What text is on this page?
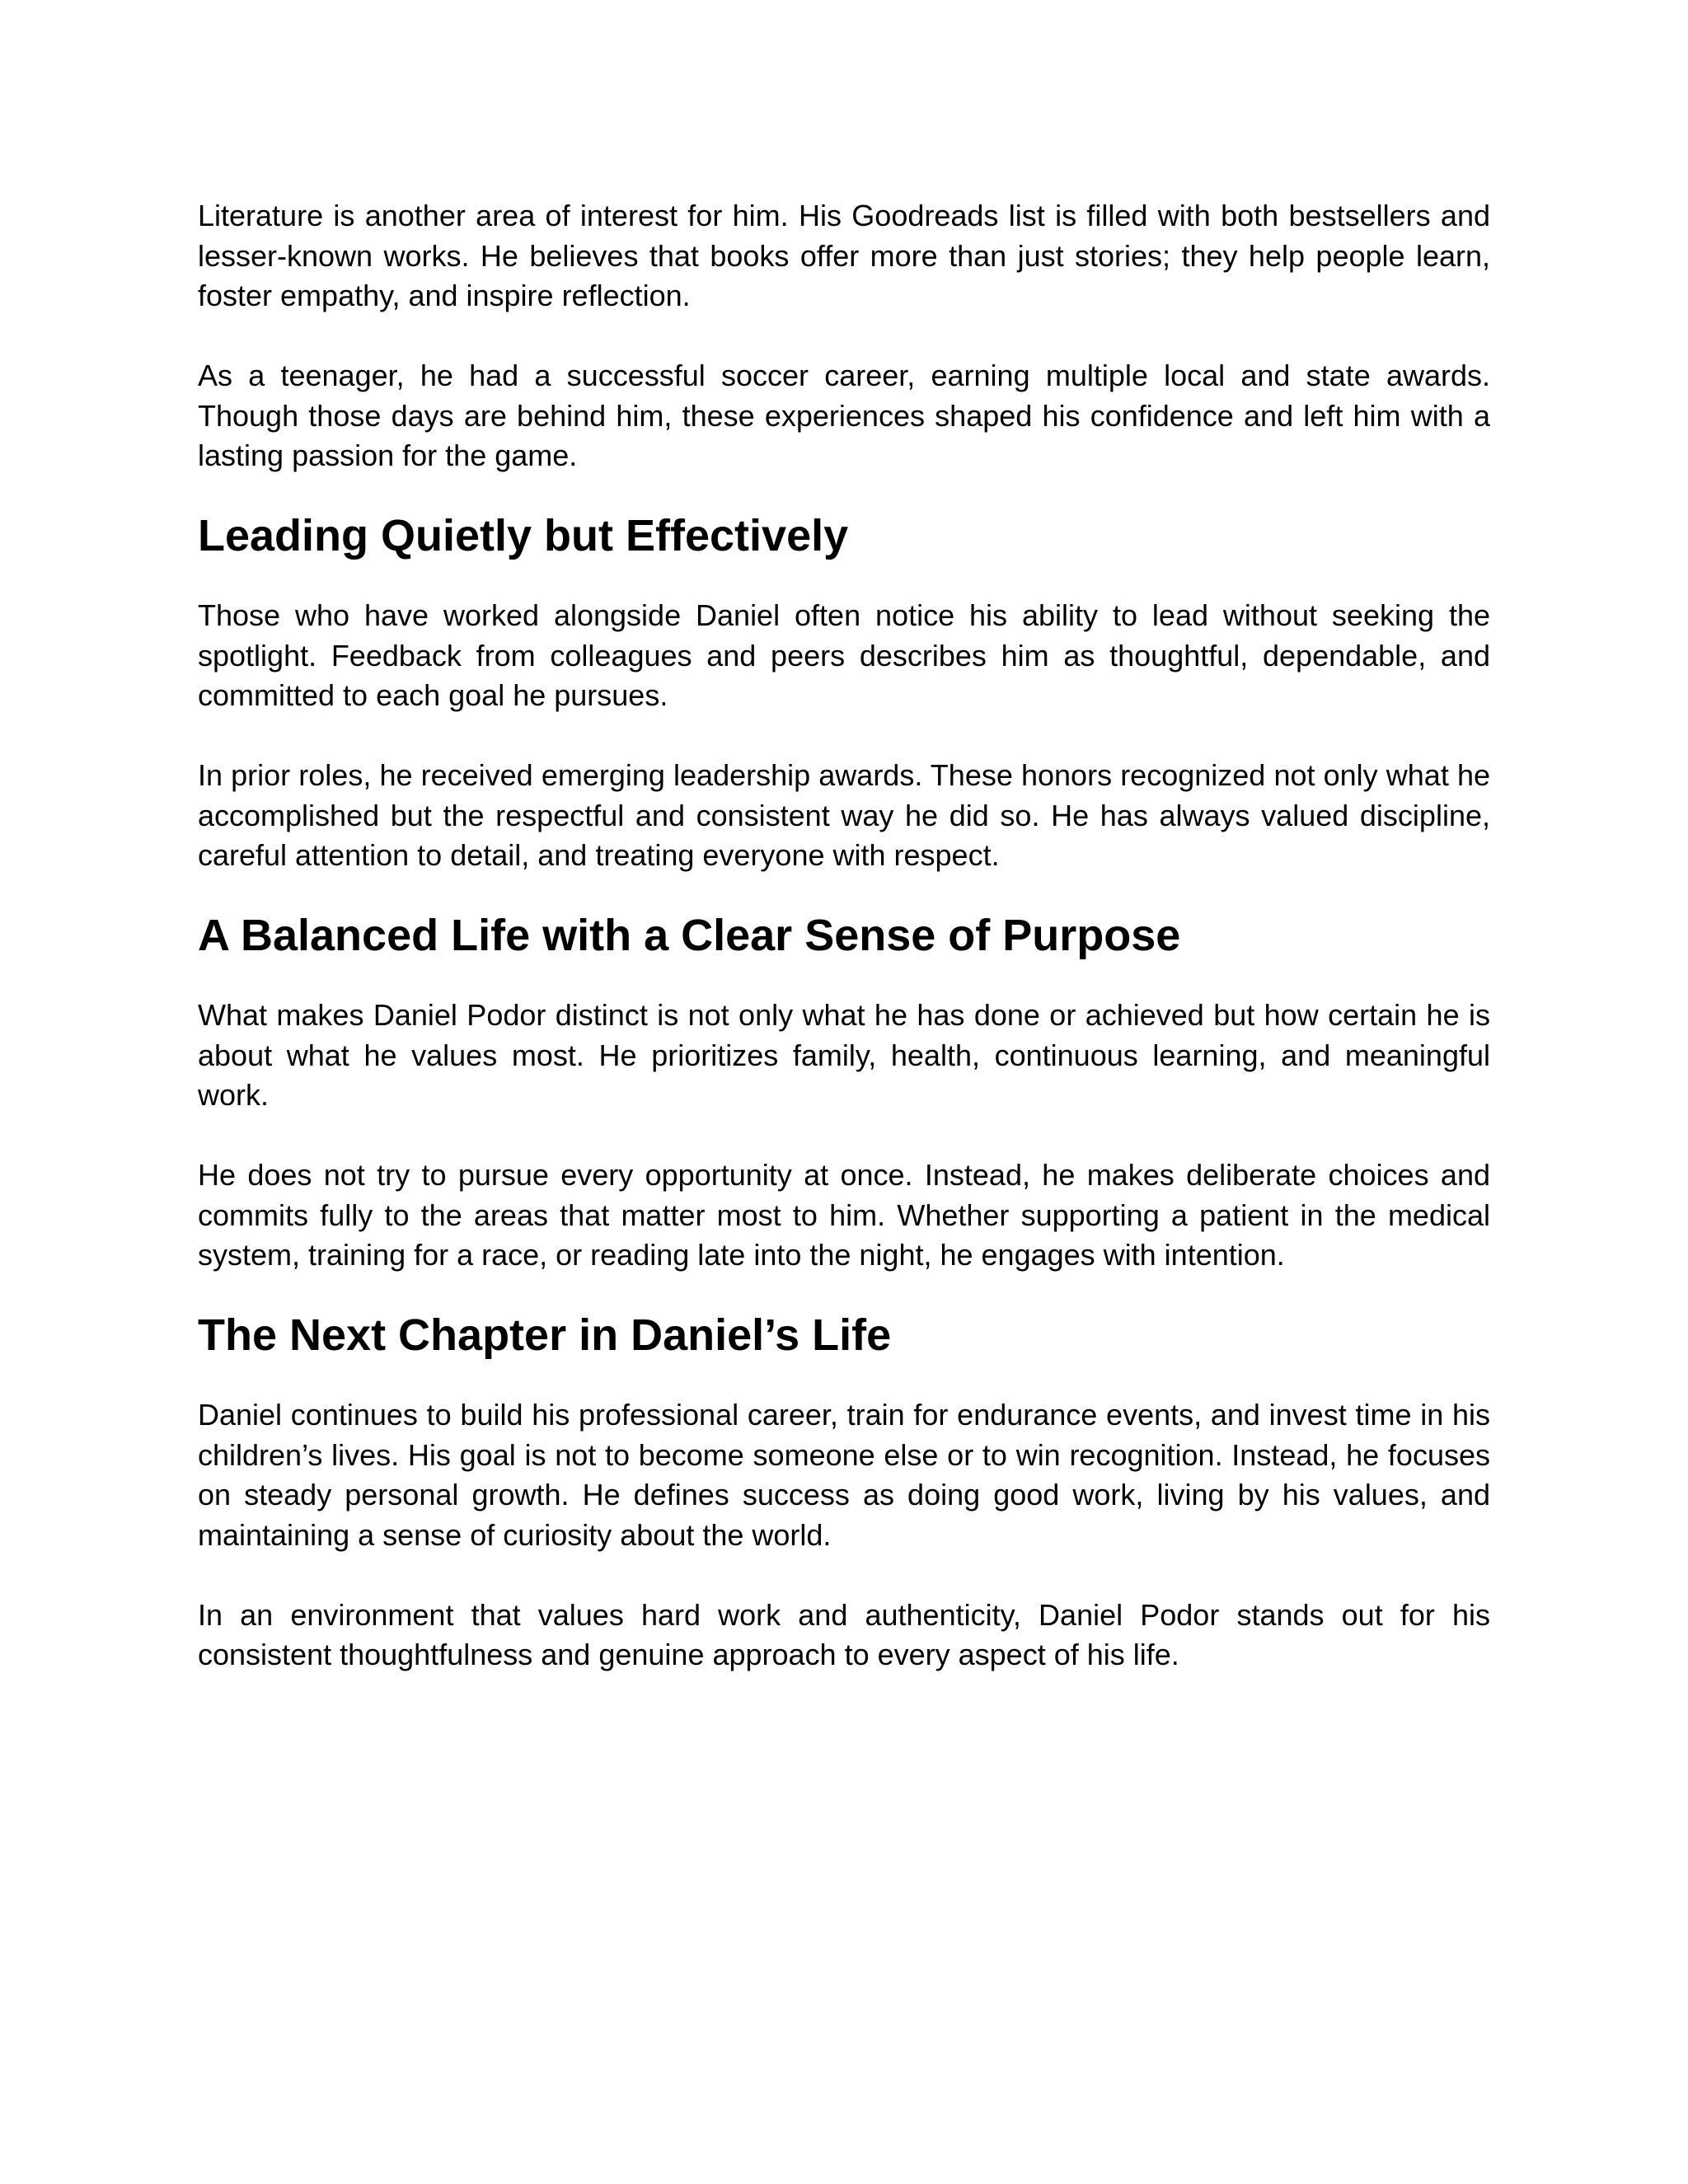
Literature is another area of interest for him. His Goodreads list is filled with both bestsellers and lesser-known works. He believes that books offer more than just stories; they help people learn, foster empathy, and inspire reflection.

As a teenager, he had a successful soccer career, earning multiple local and state awards. Though those days are behind him, these experiences shaped his confidence and left him with a lasting passion for the game.

Leading Quietly but Effectively

Those who have worked alongside Daniel often notice his ability to lead without seeking the spotlight. Feedback from colleagues and peers describes him as thoughtful, dependable, and committed to each goal he pursues.

In prior roles, he received emerging leadership awards. These honors recognized not only what he accomplished but the respectful and consistent way he did so. He has always valued discipline, careful attention to detail, and treating everyone with respect.

A Balanced Life with a Clear Sense of Purpose

What makes Daniel Podor distinct is not only what he has done or achieved but how certain he is about what he values most. He prioritizes family, health, continuous learning, and meaningful work.

He does not try to pursue every opportunity at once. Instead, he makes deliberate choices and commits fully to the areas that matter most to him. Whether supporting a patient in the medical system, training for a race, or reading late into the night, he engages with intention.

The Next Chapter in Daniel’s Life

Daniel continues to build his professional career, train for endurance events, and invest time in his children’s lives. His goal is not to become someone else or to win recognition. Instead, he focuses on steady personal growth. He defines success as doing good work, living by his values, and maintaining a sense of curiosity about the world.

In an environment that values hard work and authenticity, Daniel Podor stands out for his consistent thoughtfulness and genuine approach to every aspect of his life.
